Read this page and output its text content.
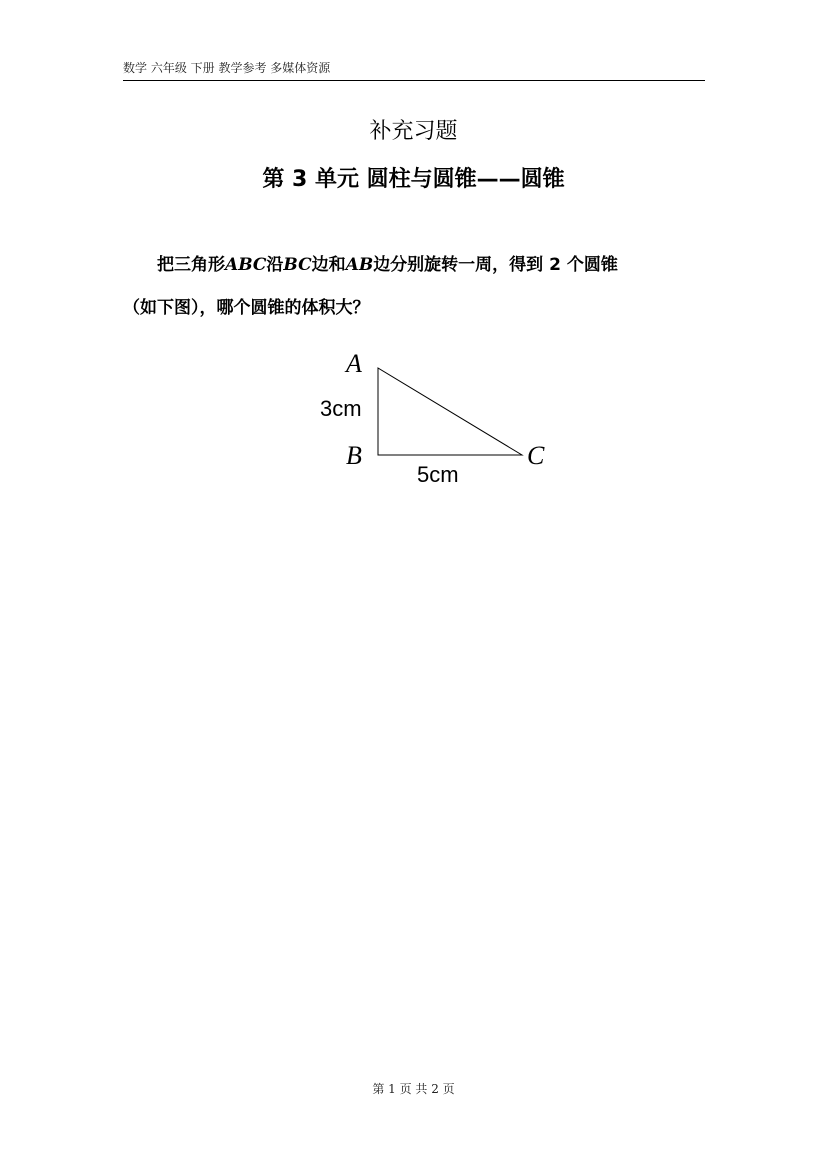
数学 六年级 下册 教学参考 多媒体资源
补充习题
第 3 单元 圆柱与圆锥——圆锥
把三角形ABC沿BC边和AB边分别旋转一周，得到 2 个圆锥
（如下图），哪个圆锥的体积大？
A
B	C
3cm
5cm
第 1 页 共 2 页
